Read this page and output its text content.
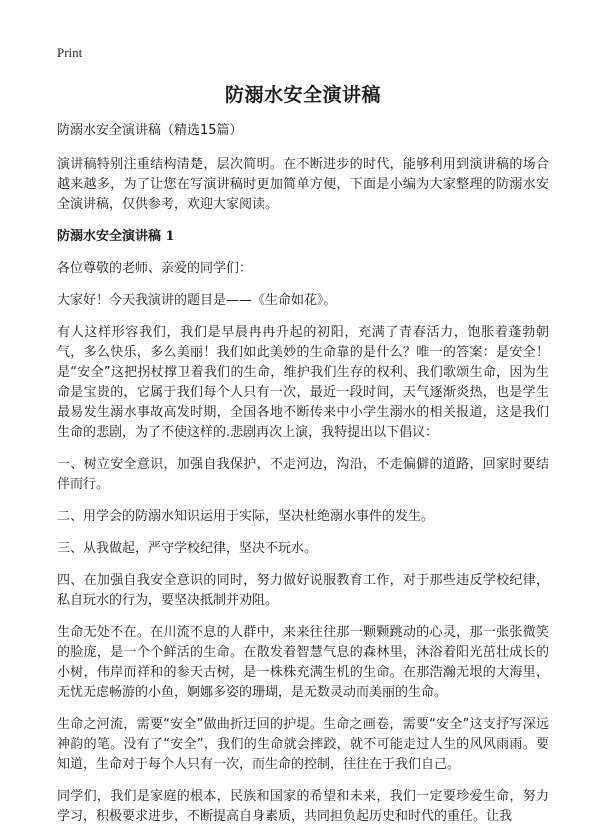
Print
防溺水安全演讲稿
防溺水安全演讲稿（精选15篇）
演讲稿特别注重结构清楚，层次简明。在不断进步的时代，能够利用到演讲稿的场合越来越多，为了让您在写演讲稿时更加简单方便，下面是小编为大家整理的防溺水安全演讲稿，仅供参考，欢迎大家阅读。
防溺水安全演讲稿 1
各位尊敬的老师、亲爱的同学们：
大家好！今天我演讲的题目是——《生命如花》。
有人这样形容我们，我们是早晨冉冉升起的初阳，充满了青春活力，饱胀着蓬勃朝气，多么快乐，多么美丽！我们如此美妙的生命靠的是什么？唯一的答案：是安全！是“安全”这把拐杖撑卫着我们的生命，维护我们生存的权利、我们歌颂生命，因为生命是宝贵的，它属于我们每个人只有一次，最近一段时间，天气逐渐炎热，也是学生最易发生溺水事故高发时期，全国各地不断传来中小学生溺水的相关报道，这是我们生命的悲剧，为了不使这样的.悲剧再次上演，我特提出以下倡议：
一、树立安全意识，加强自我保护，不走河边，沟沿，不走偏僻的道路，回家时要结伴而行。
二、用学会的防溺水知识运用于实际，坚决杜绝溺水事件的发生。
三、从我做起，严守学校纪律，坚决不玩水。
四、在加强自我安全意识的同时，努力做好说服教育工作，对于那些违反学校纪律，私自玩水的行为，要坚决抵制并劝阻。
生命无处不在。在川流不息的人群中，来来往往那一颗颗跳动的心灵，那一张张微笑的脸庞，是一个个鲜活的生命。在散发着智慧气息的森林里，沐浴着阳光茁壮成长的小树，伟岸而祥和的参天古树，是一株株充满生机的生命。在那浩瀚无垠的大海里，无忧无虑畅游的小鱼，婀娜多姿的珊瑚，是无数灵动而美丽的生命。
生命之河流，需要“安全”做曲折迂回的护堤。生命之画卷，需要“安全”这支抒写深远神韵的笔。没有了“安全”，我们的生命就会摔跤，就不可能走过人生的风风雨雨。要知道，生命对于每个人只有一次，而生命的控制，往往在于我们自己。
同学们，我们是家庭的根本，民族和国家的希望和未来，我们一定要珍爱生命，努力学习，积极要求进步，不断提高自身素质，共同担负起历史和时代的重任。让我
